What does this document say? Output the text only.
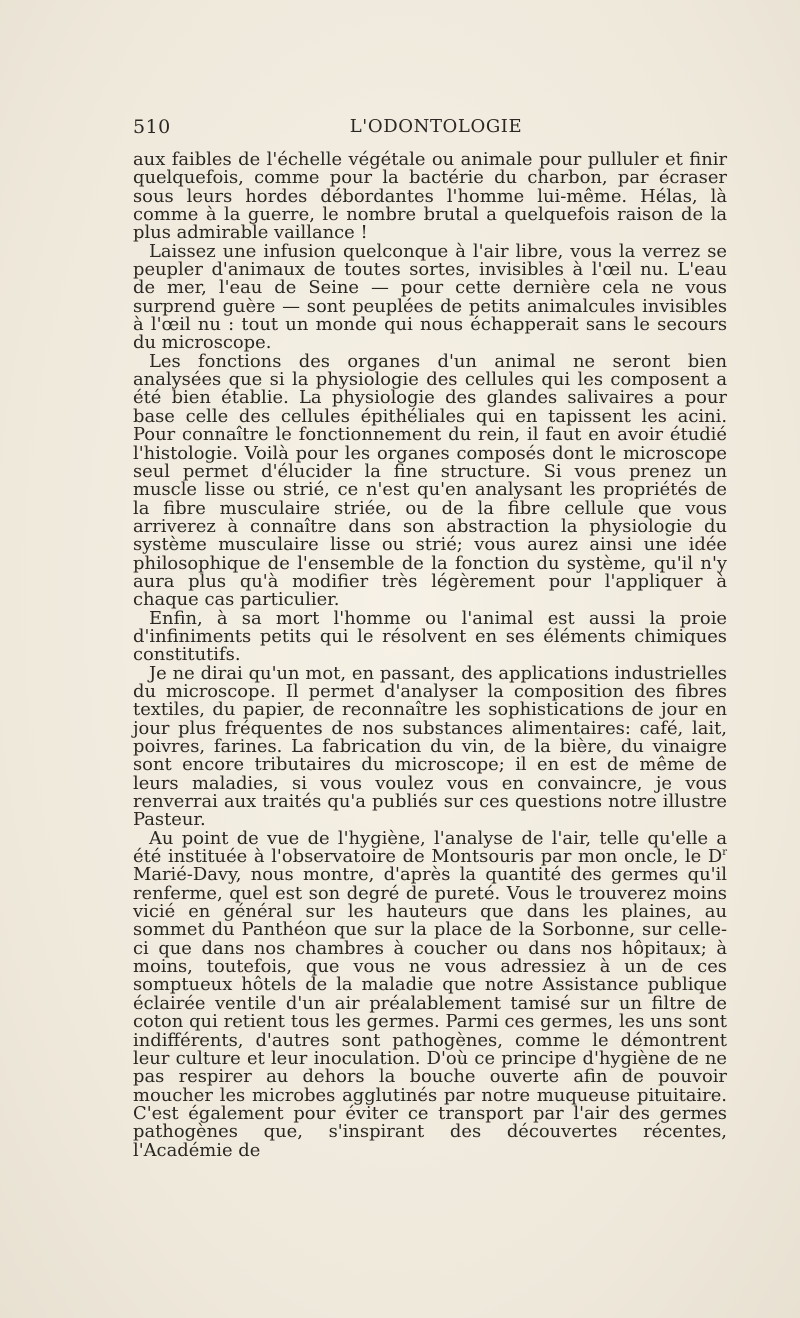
510	L'ODONTOLOGIE

aux faibles de l'échelle végétale ou animale pour pulluler et finir quelquefois, comme pour la bactérie du charbon, par écraser sous leurs hordes débordantes l'homme lui-même. Hélas, là comme à la guerre, le nombre brutal a quelquefois raison de la plus admirable vaillance !

Laissez une infusion quelconque à l'air libre, vous la verrez se peupler d'animaux de toutes sortes, invisibles à l'œil nu. L'eau de mer, l'eau de Seine — pour cette dernière cela ne vous surprend guère — sont peuplées de petits animalcules invisibles à l'œil nu : tout un monde qui nous échapperait sans le secours du microscope.

Les fonctions des organes d'un animal ne seront bien analysées que si la physiologie des cellules qui les composent a été bien établie. La physiologie des glandes salivaires a pour base celle des cellules épithéliales qui en tapissent les acini. Pour connaître le fonctionnement du rein, il faut en avoir étudié l'histologie. Voilà pour les organes composés dont le microscope seul permet d'élucider la fine structure. Si vous prenez un muscle lisse ou strié, ce n'est qu'en analysant les propriétés de la fibre musculaire striée, ou de la fibre cellule que vous arriverez à connaître dans son abstraction la physiologie du système musculaire lisse ou strié; vous aurez ainsi une idée philosophique de l'ensemble de la fonction du système, qu'il n'y aura plus qu'à modifier très légèrement pour l'appliquer à chaque cas particulier.

Enfin, à sa mort l'homme ou l'animal est aussi la proie d'infiniments petits qui le résolvent en ses éléments chimiques constitutifs.

Je ne dirai qu'un mot, en passant, des applications industrielles du microscope. Il permet d'analyser la composition des fibres textiles, du papier, de reconnaître les sophistications de jour en jour plus fréquentes de nos substances alimentaires: café, lait, poivres, farines. La fabrication du vin, de la bière, du vinaigre sont encore tributaires du microscope; il en est de même de leurs maladies, si vous voulez vous en convaincre, je vous renverrai aux traités qu'a publiés sur ces questions notre illustre Pasteur.

Au point de vue de l'hygiène, l'analyse de l'air, telle qu'elle a été instituée à l'observatoire de Montsouris par mon oncle, le $D^r$ Marié-Davy, nous montre, d'après la quantité des germes qu'il renferme, quel est son degré de pureté. Vous le trouverez moins vicié en général sur les hauteurs que dans les plaines, au sommet du Panthéon que sur la place de la Sorbonne, sur celle-ci que dans nos chambres à coucher ou dans nos hôpitaux; à moins, toutefois, que vous ne vous adressiez à un de ces somptueux hôtels de la maladie que notre Assistance publique éclairée ventile d'un air préalablement tamisé sur un filtre de coton qui retient tous les germes. Parmi ces germes, les uns sont indifférents, d'autres sont pathogènes, comme le démontrent leur culture et leur inoculation. D'où ce principe d'hygiène de ne pas respirer au dehors la bouche ouverte afin de pouvoir moucher les microbes agglutinés par notre muqueuse pituitaire. C'est également pour éviter ce transport par l'air des germes pathogènes que, s'inspirant des découvertes récentes, l'Académie de
